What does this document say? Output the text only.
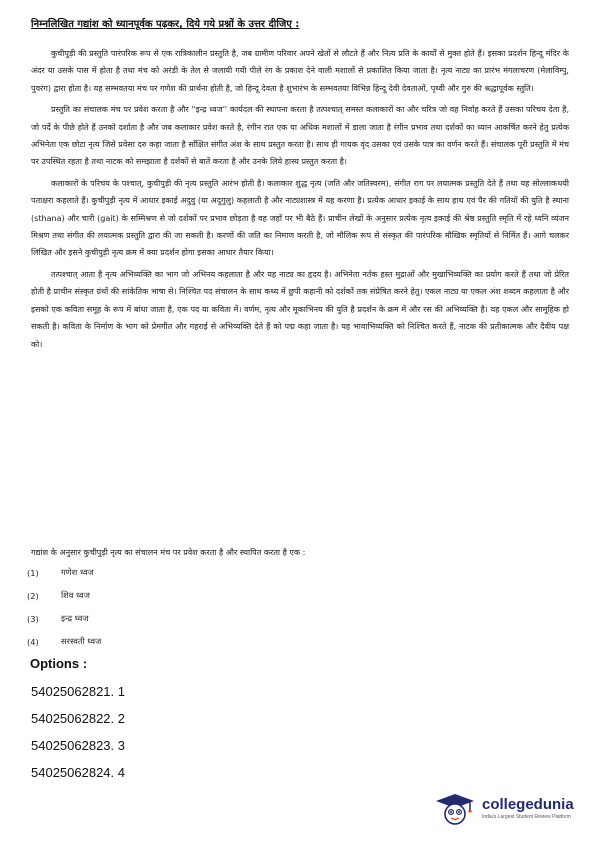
निम्नलिखित गद्यांश को ध्यानपूर्वक पढ़कर, दिये गये प्रश्नों के उत्तर दीजिए :

कुचीपुड़ी की प्रस्तुति पारंपरिक रूप से एक रात्रिकालीन प्रस्तुति है, जब ग्रामीण परिवार अपने खेतों से लौटते हैं और नित्य प्रति के कार्यों से मुक्त होते हैं। इसका प्रदर्शन हिन्दू मंदिर के अंदर या उसके पास में होता है तथा मंच को अरंडी के तेल से जलायी गयी पीले रंग के प्रकाश देने वाली मशालों से प्रकाशित किया जाता है। नृत्य नाट्य का प्रारंभ मंगलाचरण (मेलाविम्पु, पुवरंग) द्वारा होता है। यह सम्भवतया मंच पर गणेश की प्रार्थना होती है, जो हिन्दू देवता है शुभारंभ के सम्भवतया विभिन्न हिन्दू देवी देवताओं, पृथ्वी और गुरु की श्रद्धापूर्वक स्तुति।

प्रस्तुति का संचालक मंच पर प्रवेश करता है और ''इन्द्र ध्वज'' कार्यदल की स्थापना करता है तत्पश्चात् समस्त कलाकारों का और चरित्र जो वह निर्वाह करते हैं उसका परिचय देता है, जो पर्दे के पीछे होते हैं उनको दर्शाता है और जब कलाकार प्रवेश करते है, रंगीन रात एक या अधिक मशालों में डाला जाता है रंगीन प्रभाव तथा दर्शकों का ध्यान आकर्षित करने हेतु प्रत्येक अभिनेता एक छोटा नृत्य जिसे प्रवेसा दरु कहा जाता है साँक्षित संगीत अंश के साथ प्रस्तुत करता है। साथ ही गायक वृंद उसका एवं उसके पात्र का वर्णन करते हैं। संचालक पूरी प्रस्तुति में मंच पर उपस्थित रहता है तथा नाटक को समझाता है दर्शकों से बातें करता है और उनके लिये हास्य प्रस्तुत करता है।

कलाकारों के परिचय के पश्चात्, कुचीपुड़ी की नृत्य प्रस्तुति आरंभ होती है। कलाकार शुद्ध नृत्य (जति और जतिस्वरम), संगीत राग पर लयात्मक प्रस्तुति देते हैं तथा यह सोल्लाकथयी पताक्षरा कहलाते हैं। कुचीपुड़ी नृत्य में आधार इकाई अदुवु (या अदुगुलु) कहलाती है और नाट्यशास्त्र में यह करणा है। प्रत्येक आधार इकाई के साथ हाथ एवं पैर की गतियों की युति है स्थाना (sthana) और चारी (gait) के सम्मिश्रण से जो दर्शकों पर प्रभाव छोड़ता है वह जहाँ पर भी बैठे हैं। प्राचीन लेखों के अनुसार प्रत्येक नृत्य इकाई की श्रेष्ठ प्रस्तुति स्मृति में रहे ध्वनि व्यंजन मिश्रण तथा संगीत की लयात्मक प्रस्तुति द्वारा की जा सकती है। करणों की जति का निमाण करती है, जो मौलिक रूप से संस्कृत की पारंपरिक मौखिक स्मृतियों से निर्मित हैं। आगे चलकर लिखित और इसने कुचीपुड़ी नृत्य क्रम में क्या प्रदर्शन होगा इसका आधार तैयार किया।

तत्पश्चात् आता है नृत्य अभिव्यक्ति का भाग जो अभिनय कहलाता है और यह नाट्य का हृदय है। अभिनेता नर्तक हस्त मुद्राओं और मुखाभिव्यक्ति का प्रयोग करते हैं तथा जो प्रेरित होती है प्राचीन संस्कृत ग्रंथों की सांकेतिक भाषा से। निश्चित पद संचालन के साथ कथ्य में छुपी कहानी को दर्शकों तक संप्रेषित करने हेतु। एकल नाट्य या एकल अंश शब्दम कहलाता है और इसको एक कविता समूह के रूप में बांधा जाता है, एक पद या कविता में। वर्णम, नृत्य और मूकाभिनय की युति है प्रदर्शन के क्रम में और रस की अभिव्यक्ति है। यह एकल और सामूहिक हो सकती है। कविता के निर्माण के भाग को प्रेमगीत और गहराई से अभिव्यक्ति देते हैं को पद्म कहा जाता है। यह भावाभिव्यक्ति को निश्चित करते हैं, नाटक की प्रतीकात्मक और दैवीय पक्ष को।

गद्यांश के अनुसार कुचीपुड़ी नृत्य का संचालन मंच पर प्रवेश करता है और स्थापित करता है एक :
(1)	गणेश ध्वज
(2)	शिव ध्वज
(3)	इन्द्र ध्वज
(4)	सरस्वती ध्वज
Options :
54025062821. 1
54025062822. 2
54025062823. 3
54025062824. 4
collegedunia
India's Largest Student Review Platform
